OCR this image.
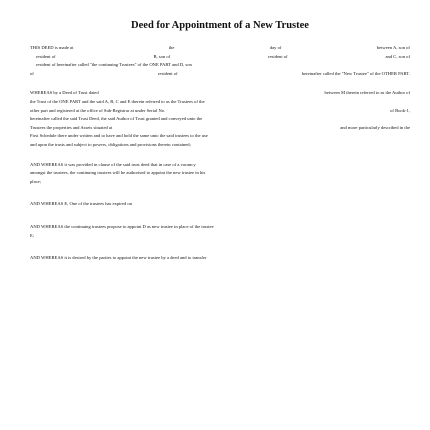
Deed for Appointment of a New Trustee
THIS DEED is made at	the	day of	between A, son of
resident of	B, son of	resident of	and C, son of
resident of hereinafter called "the continuing Trustees" of the ONE PART and D, son
of	resident of	hereinafter called the "New Trustee" of the OTHER PART.
WHEREAS by a Deed of Trust dated	between M therein referred to as the Author of
the Trust of the ONE PART and the said A, B, C and E therein referred to as the Trustees of the
other part and registered at the office of Sub-Registrar at under Serial No.	of Book-1,
hereinafter called the said Trust Deed, the said Author of Trust granted and conveyed unto the
Trustees the properties and Assets situated at	and more particularly described in the
First Schedule there under written and to have and hold the same unto the said trustees to the use
and upon the trusts and subject to powers, obligations and provisions therein contained;
AND WHEREAS it was provided in clause of the said trust deed that in case of a vacancy
amongst the trustees, the continuing trustees will be authorised to appoint the new trustee in his
place;
AND WHEREAS E, One of the trustees has expired on
AND WHEREAS the continuing trustees propose to appoint D as new trustee in place of the trustee
E;
AND WHEREAS it is desired by the parties to appoint the new trustee by a deed and to transfer
